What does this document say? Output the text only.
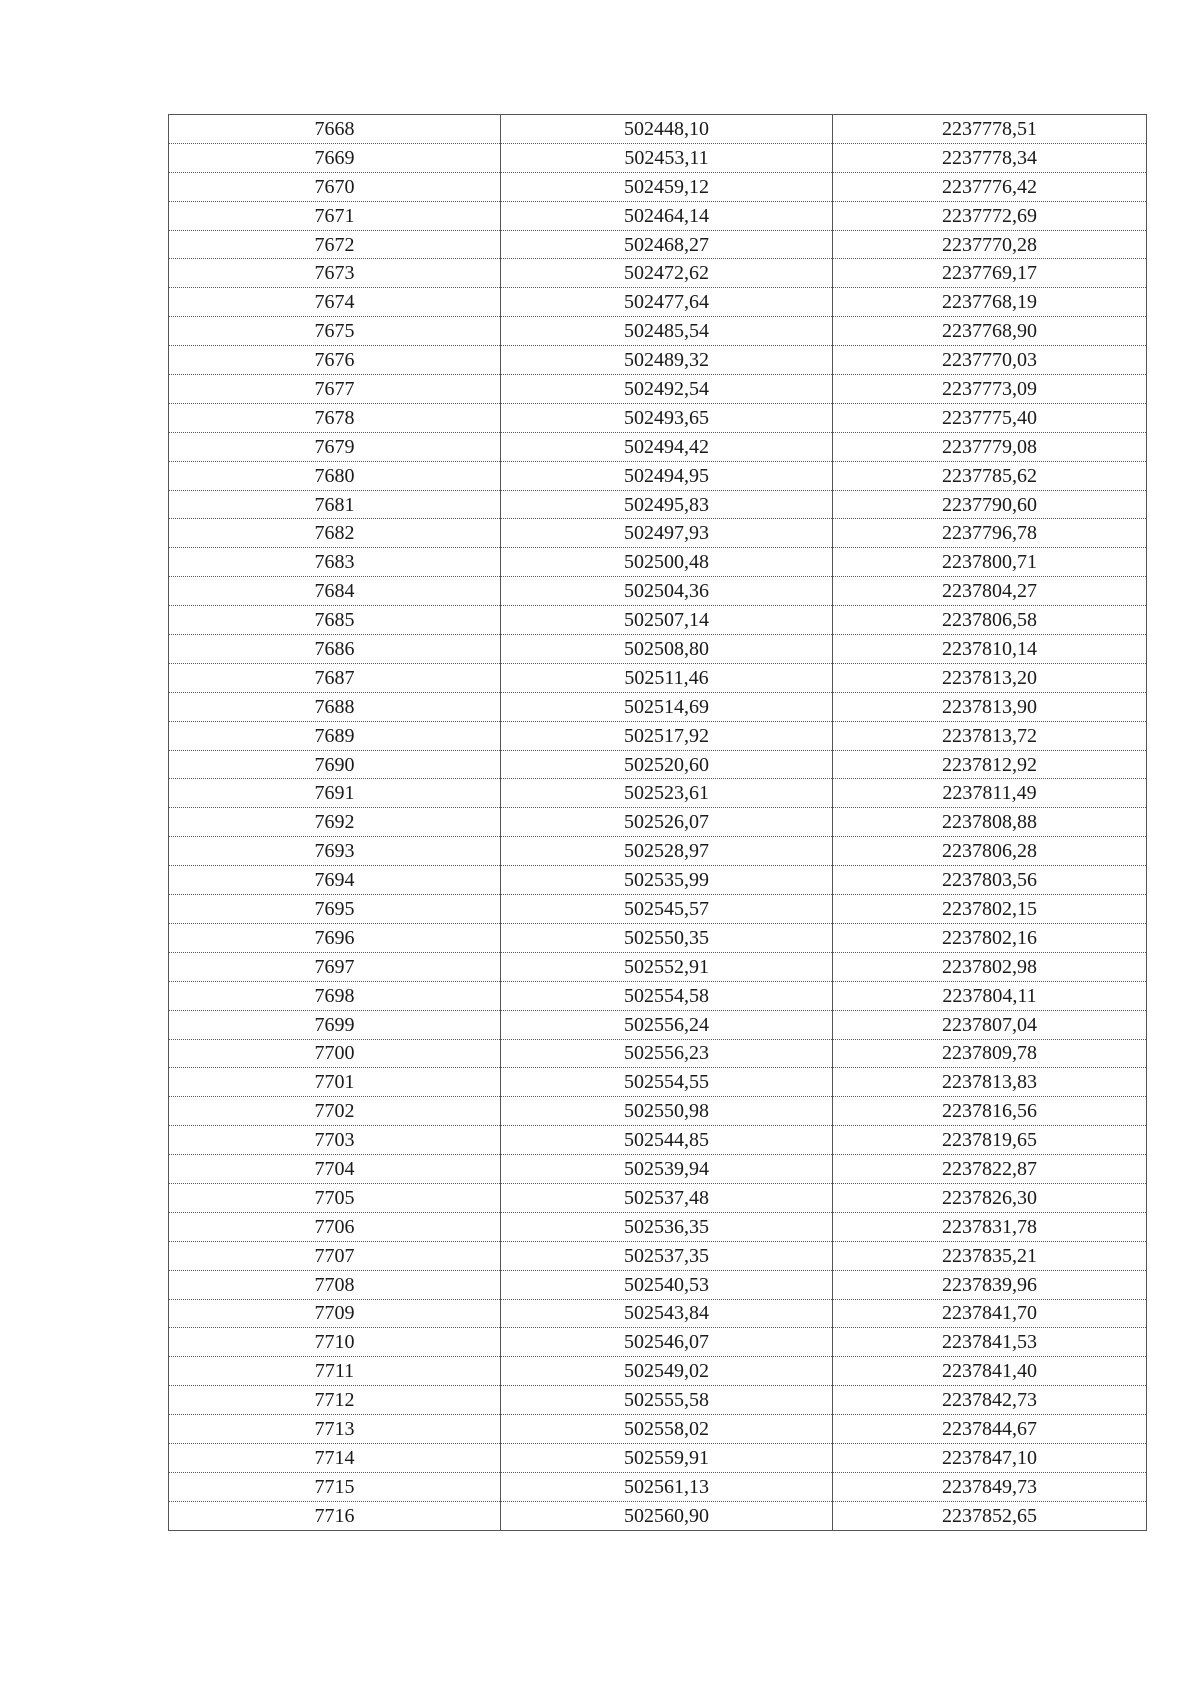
7668	502448,10	2237778,51
7669	502453,11	2237778,34
7670	502459,12	2237776,42
7671	502464,14	2237772,69
7672	502468,27	2237770,28
7673	502472,62	2237769,17
7674	502477,64	2237768,19
7675	502485,54	2237768,90
7676	502489,32	2237770,03
7677	502492,54	2237773,09
7678	502493,65	2237775,40
7679	502494,42	2237779,08
7680	502494,95	2237785,62
7681	502495,83	2237790,60
7682	502497,93	2237796,78
7683	502500,48	2237800,71
7684	502504,36	2237804,27
7685	502507,14	2237806,58
7686	502508,80	2237810,14
7687	502511,46	2237813,20
7688	502514,69	2237813,90
7689	502517,92	2237813,72
7690	502520,60	2237812,92
7691	502523,61	2237811,49
7692	502526,07	2237808,88
7693	502528,97	2237806,28
7694	502535,99	2237803,56
7695	502545,57	2237802,15
7696	502550,35	2237802,16
7697	502552,91	2237802,98
7698	502554,58	2237804,11
7699	502556,24	2237807,04
7700	502556,23	2237809,78
7701	502554,55	2237813,83
7702	502550,98	2237816,56
7703	502544,85	2237819,65
7704	502539,94	2237822,87
7705	502537,48	2237826,30
7706	502536,35	2237831,78
7707	502537,35	2237835,21
7708	502540,53	2237839,96
7709	502543,84	2237841,70
7710	502546,07	2237841,53
7711	502549,02	2237841,40
7712	502555,58	2237842,73
7713	502558,02	2237844,67
7714	502559,91	2237847,10
7715	502561,13	2237849,73
7716	502560,90	2237852,65
